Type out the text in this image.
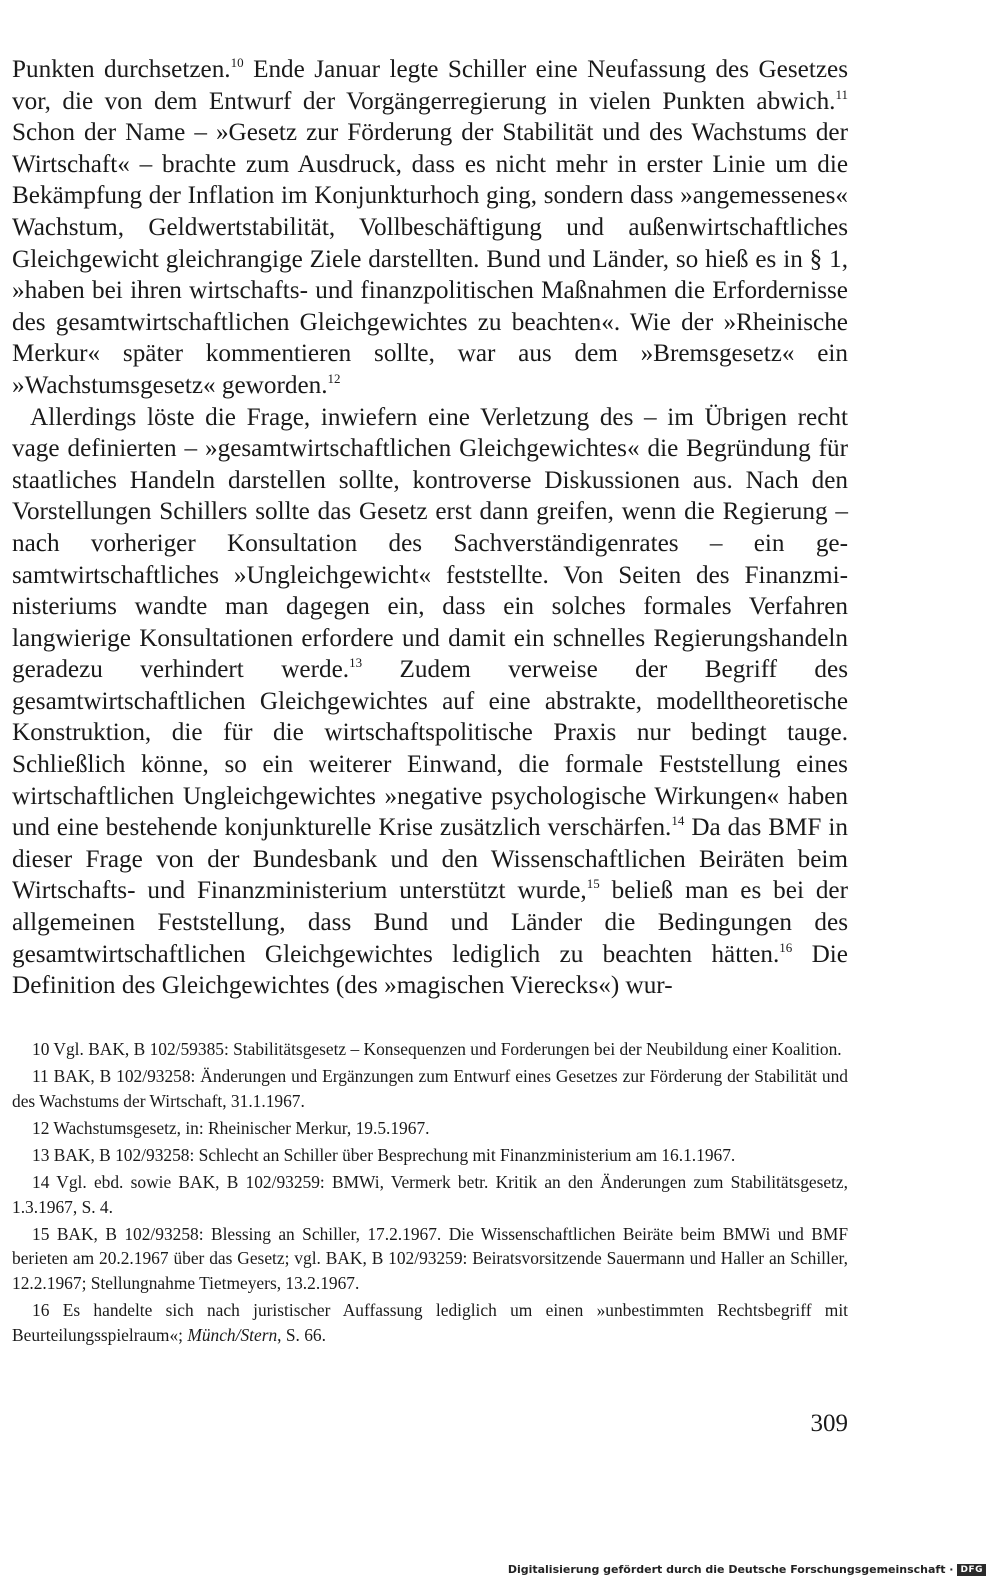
Punkten durchsetzen.$^{10}$ Ende Januar legte Schiller eine Neufassung des Gesetzes vor, die von dem Entwurf der Vorgängerregierung in vielen Punkten abwich.$^{11}$ Schon der Name – »Gesetz zur Förderung der Stabilität und des Wachstums der Wirtschaft« – brachte zum Ausdruck, dass es nicht mehr in erster Linie um die Bekämpfung der Inflation im Konjunkturhoch ging, sondern dass »angemessenes« Wachstum, Geldwertstabilität, Vollbeschäftigung und außenwirtschaftliches Gleichgewicht gleichrangige Ziele darstellten. Bund und Länder, so hieß es in § 1, »haben bei ihren wirtschafts- und finanzpolitischen Maßnahmen die Erfordernisse des gesamtwirtschaftlichen Gleichgewichtes zu beachten«. Wie der »Rheinische Merkur« später kommentieren sollte, war aus dem »Bremsgesetz« ein »Wachstumsgesetz« geworden.$^{12}$

Allerdings löste die Frage, inwiefern eine Verletzung des – im Übrigen recht vage definierten – »gesamtwirtschaftlichen Gleichgewichtes« die Begründung für staatliches Handeln darstellen sollte, kontroverse Diskussionen aus. Nach den Vorstellungen Schillers sollte das Gesetz erst dann greifen, wenn die Regierung – nach vorheriger Konsultation des Sachverständigenrates – ein gesamtwirtschaftliches »Ungleichgewicht« feststellte. Von Seiten des Finanzministeriums wandte man dagegen ein, dass ein solches formales Verfahren langwierige Konsultationen erfordere und damit ein schnelles Regierungshandeln geradezu verhindert werde.$^{13}$ Zudem verweise der Begriff des gesamtwirtschaftlichen Gleichgewichtes auf eine abstrakte, modelltheoretische Konstruktion, die für die wirtschaftspolitische Praxis nur bedingt tauge. Schließlich könne, so ein weiterer Einwand, die formale Feststellung eines wirtschaftlichen Ungleichgewichtes »negative psychologische Wirkungen« haben und eine bestehende konjunkturelle Krise zusätzlich verschärfen.$^{14}$ Da das BMF in dieser Frage von der Bundesbank und den Wissenschaftlichen Beiräten beim Wirtschafts- und Finanzministerium unterstützt wurde,$^{15}$ beließ man es bei der allgemeinen Feststellung, dass Bund und Länder die Bedingungen des gesamtwirtschaftlichen Gleichgewichtes lediglich zu beachten hätten.$^{16}$ Die Definition des Gleichgewichtes (des »magischen Vierecks«) wur-

10 Vgl. BAK, B 102/59385: Stabilitätsgesetz – Konsequenzen und Forderungen bei der Neubildung einer Koalition.
11 BAK, B 102/93258: Änderungen und Ergänzungen zum Entwurf eines Gesetzes zur Förderung der Stabilität und des Wachstums der Wirtschaft, 31.1.1967.
12 Wachstumsgesetz, in: Rheinischer Merkur, 19.5.1967.
13 BAK, B 102/93258: Schlecht an Schiller über Besprechung mit Finanzministerium am 16.1.1967.
14 Vgl. ebd. sowie BAK, B 102/93259: BMWi, Vermerk betr. Kritik an den Änderungen zum Stabilitätsgesetz, 1.3.1967, S. 4.
15 BAK, B 102/93258: Blessing an Schiller, 17.2.1967. Die Wissenschaftlichen Beiräte beim BMWi und BMF berieten am 20.2.1967 über das Gesetz; vgl. BAK, B 102/93259: Beiratsvorsitzende Sauermann und Haller an Schiller, 12.2.1967; Stellungnahme Tietmeyers, 13.2.1967.
16 Es handelte sich nach juristischer Auffassung lediglich um einen »unbestimmten Rechtsbegriff mit Beurteilungsspielraum«; Münch/Stern, S. 66.
309
Digitalisierung gefördert durch die Deutsche Forschungsgemeinschaft · DFG
